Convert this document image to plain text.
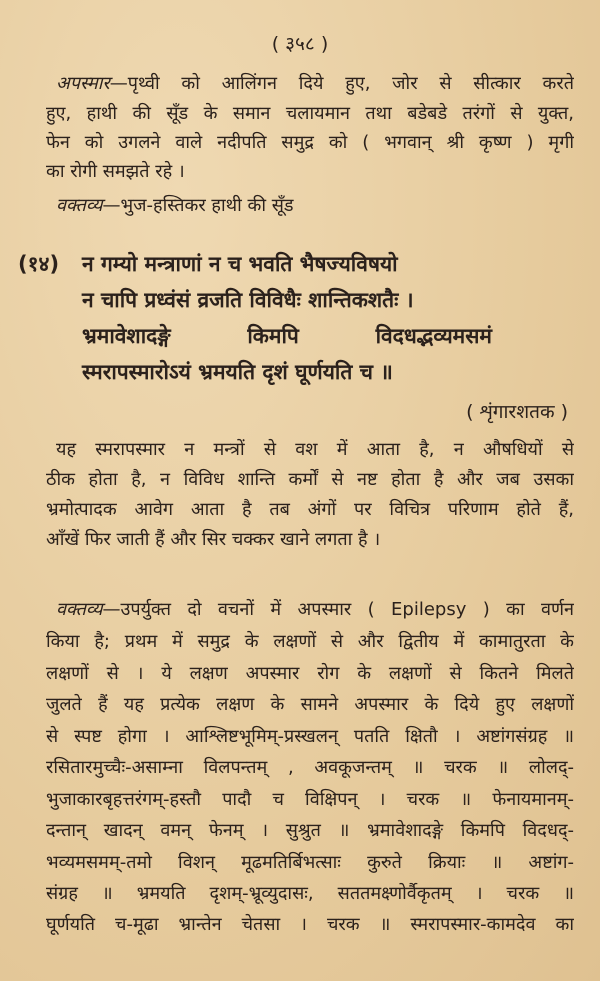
( ३५८ )
अपस्मार—पृथ्वी को आलिंगन दिये हुए, जोर से सीत्कार करते
हुए, हाथी की सूँड के समान चलायमान तथा बडेबडे तरंगों से युक्त,
फेन को उगलने वाले नदीपति समुद्र को ( भगवान् श्री कृष्ण ) मृगी
का रोगी समझते रहे ।
वक्तव्य—भुज-हस्तिकर हाथी की सूँड
(१४) न गम्यो मन्त्राणां न च भवति भैषज्यविषयो
न चापि प्रध्वंसं व्रजति विविधैः शान्तिकशतैः ।
भ्रमावेशादङ्गे किमपि विदधद्भव्यमसमं
स्मरापस्मारोऽयं भ्रमयति दृशं घूर्णयति च ॥
( शृंगारशतक )
यह स्मरापस्मार न मन्त्रों से वश में आता है, न औषधियों से
ठीक होता है, न विविध शान्ति कर्मों से नष्ट होता है और जब उसका
भ्रमोत्पादक आवेग आता है तब अंगों पर विचित्र परिणाम होते हैं,
आँखें फिर जाती हैं और सिर चक्कर खाने लगता है ।
वक्तव्य—उपर्युक्त दो वचनों में अपस्मार ( Epilepsy ) का वर्णन
किया है; प्रथम में समुद्र के लक्षणों से और द्वितीय में कामातुरता के
लक्षणों से । ये लक्षण अपस्मार रोग के लक्षणों से कितने मिलते
जुलते हैं यह प्रत्येक लक्षण के सामने अपस्मार के दिये हुए लक्षणों
से स्पष्ट होगा । आश्लिष्टभूमिम्-प्रस्खलन् पतति क्षितौ । अष्टांगसंग्रह ॥
रसितारमुच्चैः-असाम्ना विलपन्तम् , अवकूजन्तम् ॥ चरक ॥ लोलद्-
भुजाकारबृहत्तरंगम्-हस्तौ पादौ च विक्षिपन् । चरक ॥ फेनायमानम्-
दन्तान् खादन् वमन् फेनम् । सुश्रुत ॥ भ्रमावेशादङ्गे किमपि विदधद्-
भव्यमसमम्-तमो विशन् मूढमतिर्बिभत्साः कुरुते क्रियाः ॥ अष्टांग-
संग्रह ॥ भ्रमयति दृशम्-भ्रूव्युदासः, सततमक्ष्णोर्वैकृतम् । चरक ॥
घूर्णयति च-मूढा भ्रान्तेन चेतसा । चरक ॥ स्मरापस्मार-कामदेव का
